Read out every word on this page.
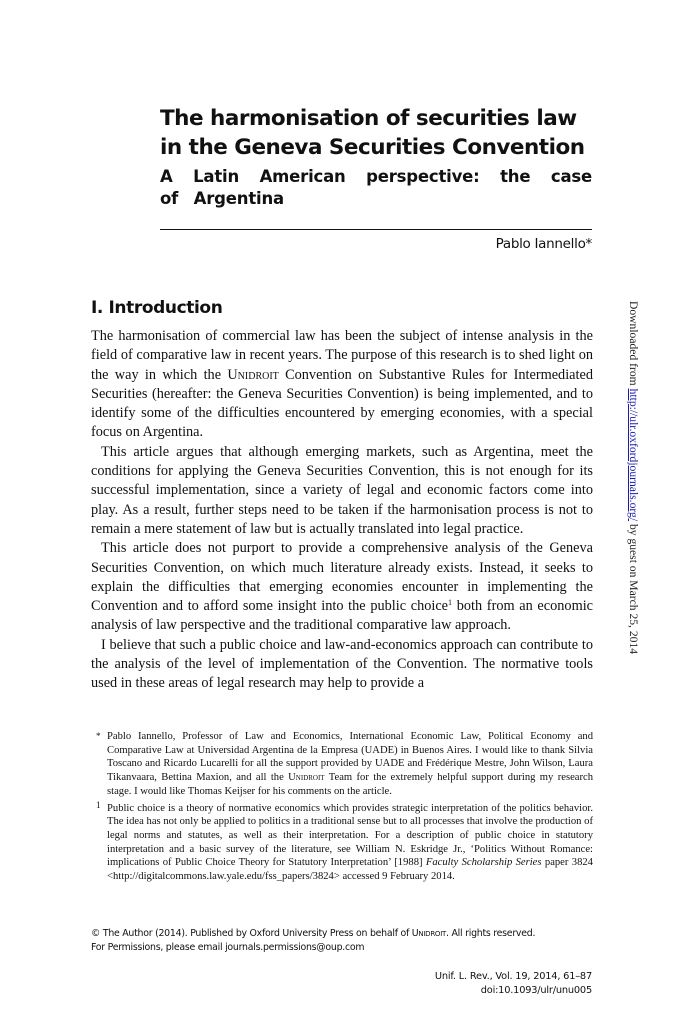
The harmonisation of securities law in the Geneva Securities Convention
A Latin American perspective: the case of Argentina
Pablo Iannello*
I. Introduction

The harmonisation of commercial law has been the subject of intense analysis in the field of comparative law in recent years. The purpose of this research is to shed light on the way in which the Unidroit Convention on Substantive Rules for Intermediated Securities (hereafter: the Geneva Securities Convention) is being implemented, and to identify some of the difficulties encountered by emerging economies, with a special focus on Argentina.

This article argues that although emerging markets, such as Argentina, meet the conditions for applying the Geneva Securities Convention, this is not enough for its successful implementation, since a variety of legal and economic factors come into play. As a result, further steps need to be taken if the harmonisation process is not to remain a mere statement of law but is actually translated into legal practice.

This article does not purport to provide a comprehensive analysis of the Geneva Securities Convention, on which much literature already exists. Instead, it seeks to explain the difficulties that emerging economies encounter in implementing the Convention and to afford some insight into the public choice$^1$ both from an economic analysis of law perspective and the traditional comparative law approach.

I believe that such a public choice and law-and-economics approach can contribute to the analysis of the level of implementation of the Convention. The normative tools used in these areas of legal research may help to provide a

* Pablo Iannello, Professor of Law and Economics, International Economic Law, Political Economy and Comparative Law at Universidad Argentina de la Empresa (UADE) in Buenos Aires. I would like to thank Silvia Toscano and Ricardo Lucarelli for all the support provided by UADE and Frédérique Mestre, John Wilson, Laura Tikanvaara, Bettina Maxion, and all the Unidroit Team for the extremely helpful support during my research stage. I would like Thomas Keijser for his comments on the article.
1 Public choice is a theory of normative economics which provides strategic interpretation of the politics behavior. The idea has not only be applied to politics in a traditional sense but to all processes that involve the production of legal norms and statutes, as well as their interpretation. For a description of public choice in statutory interpretation and a basic survey of the literature, see William N. Eskridge Jr., ‘Politics Without Romance: implications of Public Choice Theory for Statutory Interpretation’ [1988] Faculty Scholarship Series paper 3824 <http://digitalcommons.law.yale.edu/fss_papers/3824> accessed 9 February 2014.
© The Author (2014). Published by Oxford University Press on behalf of Unidroit. All rights reserved.
For Permissions, please email journals.permissions@oup.com
Unif. L. Rev., Vol. 19, 2014, 61–87
doi:10.1093/ulr/unu005
Downloaded from http://ulr.oxfordjournals.org/ by guest on March 25, 2014
